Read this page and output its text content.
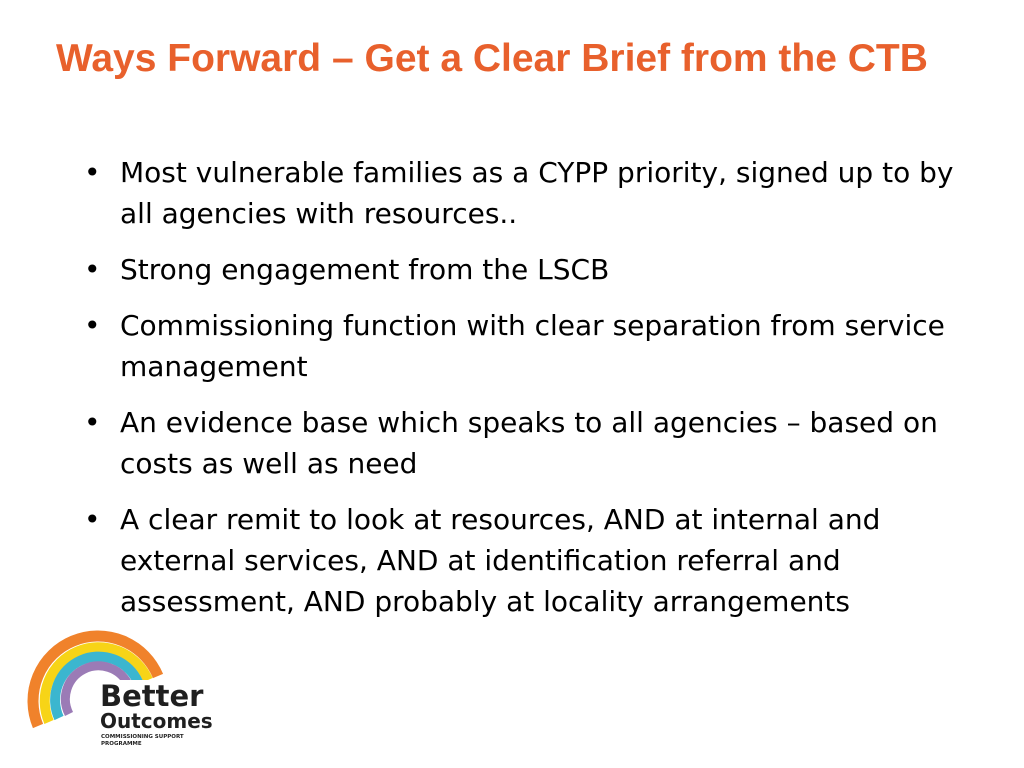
Ways Forward – Get a Clear Brief from the CTB
• Most vulnerable families as a CYPP priority, signed up to by all agencies with resources..
• Strong engagement from the LSCB
• Commissioning function with clear separation from service management
• An evidence base which speaks to all agencies – based on costs as well as need
• A clear remit to look at resources, AND at internal and external services, AND at identification referral and assessment, AND probably at locality arrangements
Better
Outcomes
COMMISSIONING SUPPORT
PROGRAMME
